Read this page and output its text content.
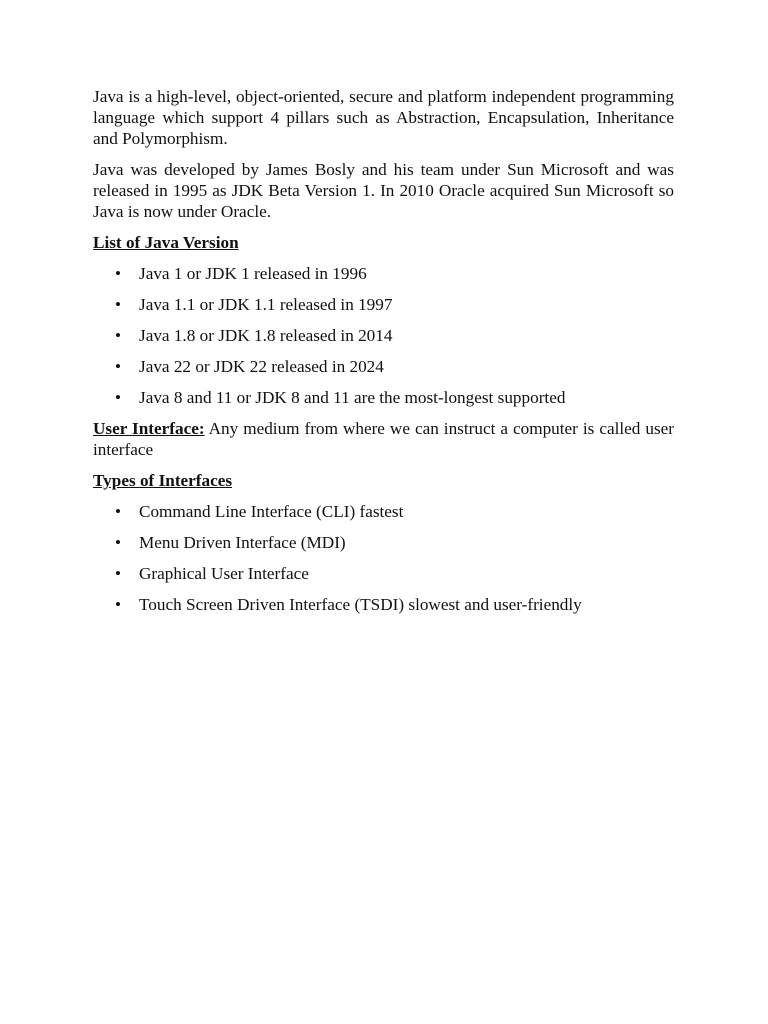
Java is a high-level, object-oriented, secure and platform independent programming language which support 4 pillars such as Abstraction, Encapsulation, Inheritance and Polymorphism.

Java was developed by James Bosly and his team under Sun Microsoft and was released in 1995 as JDK Beta Version 1. In 2010 Oracle acquired Sun Microsoft so Java is now under Oracle.

List of Java Version
• Java 1 or JDK 1 released in 1996
• Java 1.1 or JDK 1.1 released in 1997
• Java 1.8 or JDK 1.8 released in 2014
• Java 22 or JDK 22 released in 2024
• Java 8 and 11 or JDK 8 and 11 are the most-longest supported

User Interface: Any medium from where we can instruct a computer is called user interface

Types of Interfaces
• Command Line Interface (CLI) fastest
• Menu Driven Interface (MDI)
• Graphical User Interface
• Touch Screen Driven Interface (TSDI) slowest and user-friendly
